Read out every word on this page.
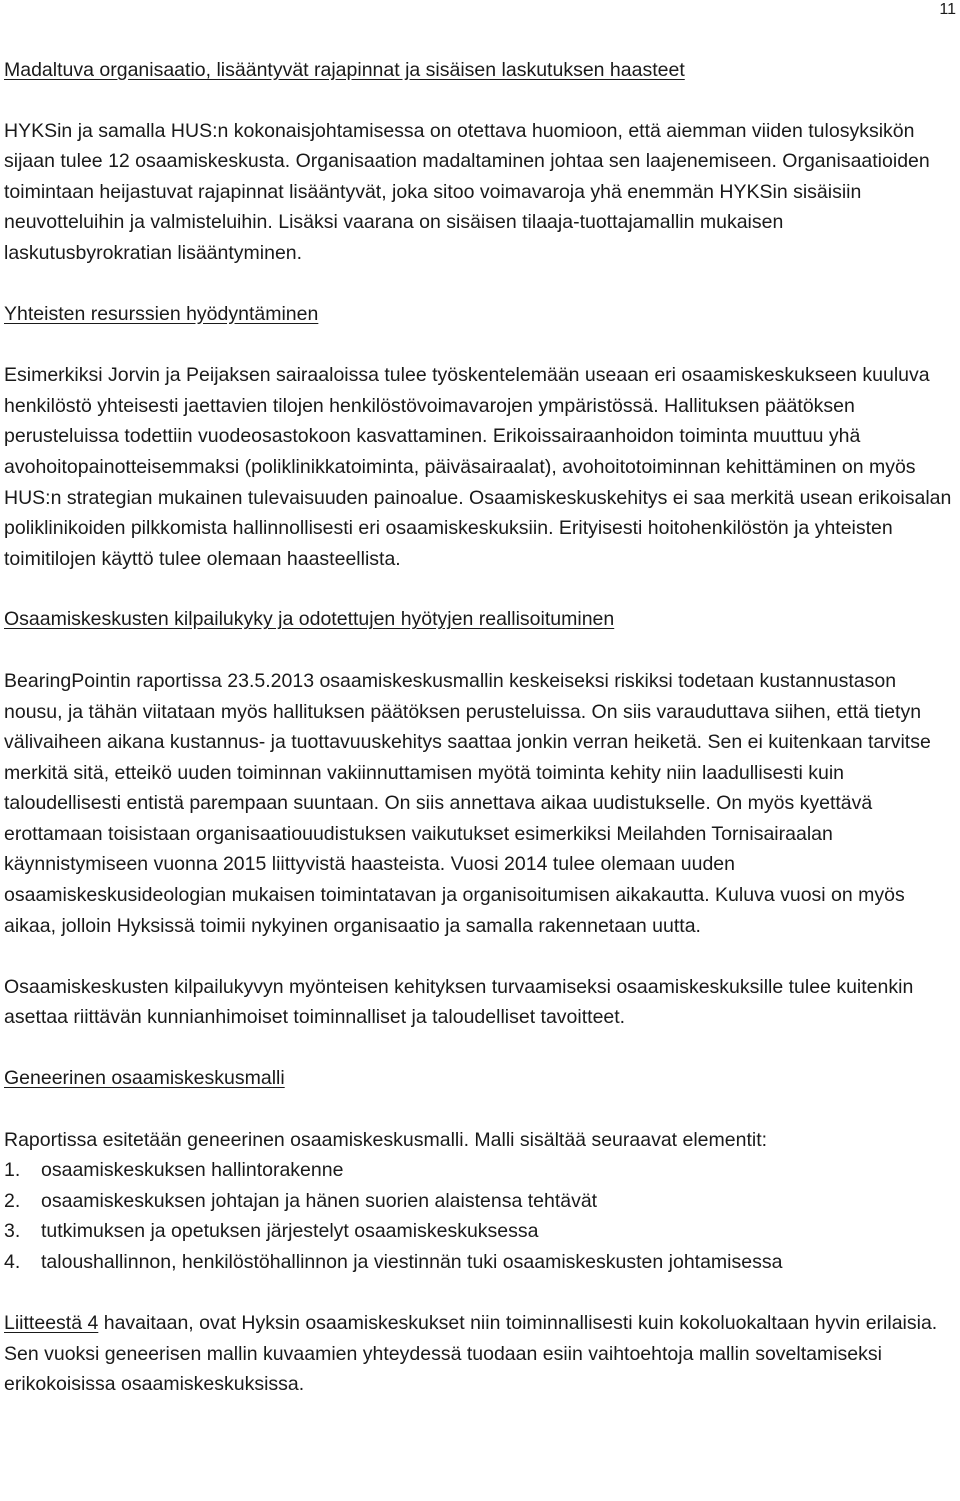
11

Madaltuva organisaatio, lisääntyvät rajapinnat ja sisäisen laskutuksen haasteet

HYKSin ja samalla HUS:n kokonaisjohtamisessa on otettava huomioon, että aiemman viiden tulosyksikön sijaan tulee 12 osaamiskeskusta. Organisaation madaltaminen johtaa sen laajenemiseen. Organisaatioiden toimintaan heijastuvat rajapinnat lisääntyvät, joka sitoo voimavaroja yhä enemmän HYKSin sisäisiin neuvotteluihin ja valmisteluihin. Lisäksi vaarana on sisäisen tilaaja-tuottajamallin mukaisen laskutusbyrokratian lisääntyminen.

Yhteisten resurssien hyödyntäminen

Esimerkiksi Jorvin ja Peijaksen sairaaloissa tulee työskentelemään useaan eri osaamiskeskukseen kuuluva henkilöstö yhteisesti jaettavien tilojen henkilöstövoimavarojen ympäristössä. Hallituksen päätöksen perusteluissa todettiin vuodeosastokoon kasvattaminen. Erikoissairaanhoidon toiminta muuttuu yhä avohoitopainotteisemmaksi (poliklinikkatoiminta, päiväsairaalat), avohoitotoiminnan kehittäminen on myös HUS:n strategian mukainen tulevaisuuden painoalue. Osaamiskeskuskehitys ei saa merkitä usean erikoisalan poliklinikoiden pilkkomista hallinnollisesti eri osaamiskeskuksiin. Erityisesti hoitohenkilöstön ja yhteisten toimitilojen käyttö tulee olemaan haasteellista.

Osaamiskeskusten kilpailukyky ja odotettujen hyötyjen reallisoituminen

BearingPointin raportissa 23.5.2013 osaamiskeskusmallin keskeiseksi riskiksi todetaan kustannustason nousu, ja tähän viitataan myös hallituksen päätöksen perusteluissa. On siis varauduttava siihen, että tietyn välivaiheen aikana kustannus- ja tuottavuuskehitys saattaa jonkin verran heiketä. Sen ei kuitenkaan tarvitse merkitä sitä, etteikö uuden toiminnan vakiinnuttamisen myötä toiminta kehity niin laadullisesti kuin taloudellisesti entistä parempaan suuntaan. On siis annettava aikaa uudistukselle. On myös kyettävä erottamaan toisistaan organisaatiouudistuksen vaikutukset esimerkiksi Meilahden Tornisairaalan käynnistymiseen vuonna 2015 liittyvistä haasteista. Vuosi 2014 tulee olemaan uuden osaamiskeskusideologian mukaisen toimintatavan ja organisoitumisen aikakautta. Kuluva vuosi on myös aikaa, jolloin Hyksissä toimii nykyinen organisaatio ja samalla rakennetaan uutta.

Osaamiskeskusten kilpailukyvyn myönteisen kehityksen turvaamiseksi osaamiskeskuksille tulee kuitenkin asettaa riittävän kunnianhimoiset toiminnalliset ja taloudelliset tavoitteet.

Geneerinen osaamiskeskusmalli

Raportissa esitetään geneerinen osaamiskeskusmalli. Malli sisältää seuraavat elementit:

1.	osaamiskeskuksen hallintorakenne
2.	osaamiskeskuksen johtajan ja hänen suorien alaistensa tehtävät
3.	tutkimuksen ja opetuksen järjestelyt osaamiskeskuksessa
4.	taloushallinnon, henkilöstöhallinnon ja viestinnän tuki osaamiskeskusten johtamisessa

Liitteestä 4 havaitaan, ovat Hyksin osaamiskeskukset niin toiminnallisesti kuin kokoluokaltaan hyvin erilaisia. Sen vuoksi geneerisen mallin kuvaamien yhteydessä tuodaan esiin vaihtoehtoja mallin soveltamiseksi erikokoisissa osaamiskeskuksissa.
